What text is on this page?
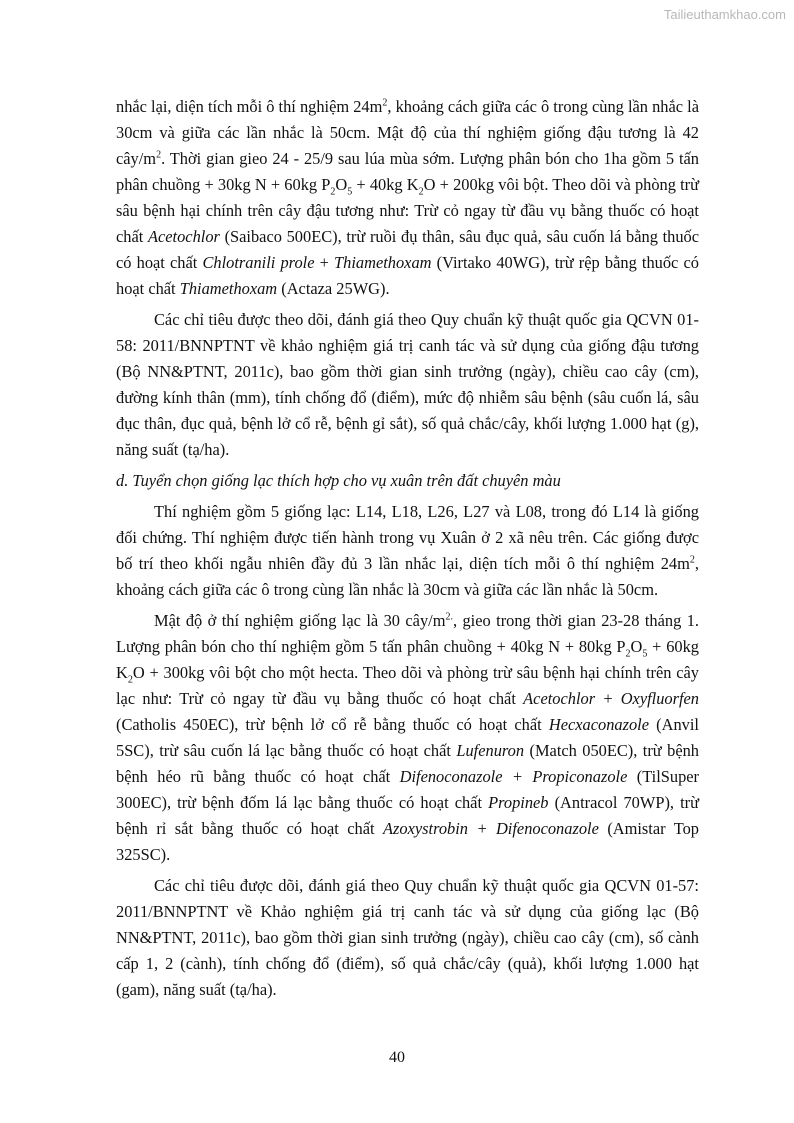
Tailieuthamkhao.com

nhắc lại, diện tích mỗi ô thí nghiệm $24m^2$, khoảng cách giữa các ô trong cùng lần nhắc là 30cm và giữa các lần nhắc là 50cm. Mật độ của thí nghiệm giống đậu tương là 42 cây/$m^2$. Thời gian gieo 24 - 25/9 sau lúa mùa sớm. Lượng phân bón cho 1ha gồm 5 tấn phân chuồng + 30kg N + 60kg $P_2O_5 + 40kg$ $K_2O + 200kg$ vôi bột. Theo dõi và phòng trừ sâu bệnh hại chính trên cây đậu tương như: Trừ cỏ ngay từ đầu vụ bằng thuốc có hoạt chất Acetochlor (Saibaco 500EC), trừ ruồi đụ thân, sâu đục quả, sâu cuốn lá bằng thuốc có hoạt chất Chlotranili prole + Thiamethoxam (Virtako 40WG), trừ rệp bằng thuốc có hoạt chất Thiamethoxam (Actaza 25WG).

Các chỉ tiêu được theo dõi, đánh giá theo Quy chuẩn kỹ thuật quốc gia QCVN 01-58: 2011/BNNPTNT về khảo nghiệm giá trị canh tác và sử dụng của giống đậu tương (Bộ NN&PTNT, 2011c), bao gồm thời gian sinh trưởng (ngày), chiều cao cây (cm), đường kính thân (mm), tính chống đổ (điểm), mức độ nhiễm sâu bệnh (sâu cuốn lá, sâu đục thân, đục quả, bệnh lở cổ rễ, bệnh gỉ sắt), số quả chắc/cây, khối lượng 1.000 hạt (g), năng suất (tạ/ha).

d. Tuyển chọn giống lạc thích hợp cho vụ xuân trên đất chuyên màu

Thí nghiệm gồm 5 giống lạc: L14, L18, L26, L27 và L08, trong đó L14 là giống đối chứng. Thí nghiệm được tiến hành trong vụ Xuân ở 2 xã nêu trên. Các giống được bố trí theo khối ngẫu nhiên đầy đủ 3 lần nhắc lại, diện tích mỗi ô thí nghiệm $24m^2$, khoảng cách giữa các ô trong cùng lần nhắc là 30cm và giữa các lần nhắc là 50cm.

Mật độ ở thí nghiệm giống lạc là 30 cây/$m^{2.}$, gieo trong thời gian 23-28 tháng 1. Lượng phân bón cho thí nghiệm gồm 5 tấn phân chuồng + 40kg N + 80kg $P_2O_5 + 60kg$ $K_2O + 300kg$ vôi bột cho một hecta. Theo dõi và phòng trừ sâu bệnh hại chính trên cây lạc như: Trừ cỏ ngay từ đầu vụ bằng thuốc có hoạt chất Acetochlor + Oxyfluorfen (Catholis 450EC), trừ bệnh lở cổ rễ bằng thuốc có hoạt chất Hecxaconazole (Anvil 5SC), trừ sâu cuốn lá lạc bằng thuốc có hoạt chất Lufenuron (Match 050EC), trừ bệnh bệnh héo rũ bằng thuốc có hoạt chất Difenoconazole + Propiconazole (TilSuper 300EC), trừ bệnh đốm lá lạc bằng thuốc có hoạt chất Propineb (Antracol 70WP), trừ bệnh rỉ sắt bằng thuốc có hoạt chất Azoxystrobin + Difenoconazole (Amistar Top 325SC).

Các chỉ tiêu được dõi, đánh giá theo Quy chuẩn kỹ thuật quốc gia QCVN 01-57: 2011/BNNPTNT về Khảo nghiệm giá trị canh tác và sử dụng của giống lạc (Bộ NN&PTNT, 2011c), bao gồm thời gian sinh trưởng (ngày), chiều cao cây (cm), số cành cấp 1, 2 (cành), tính chống đổ (điểm), số quả chắc/cây (quả), khối lượng 1.000 hạt (gam), năng suất (tạ/ha).

40
